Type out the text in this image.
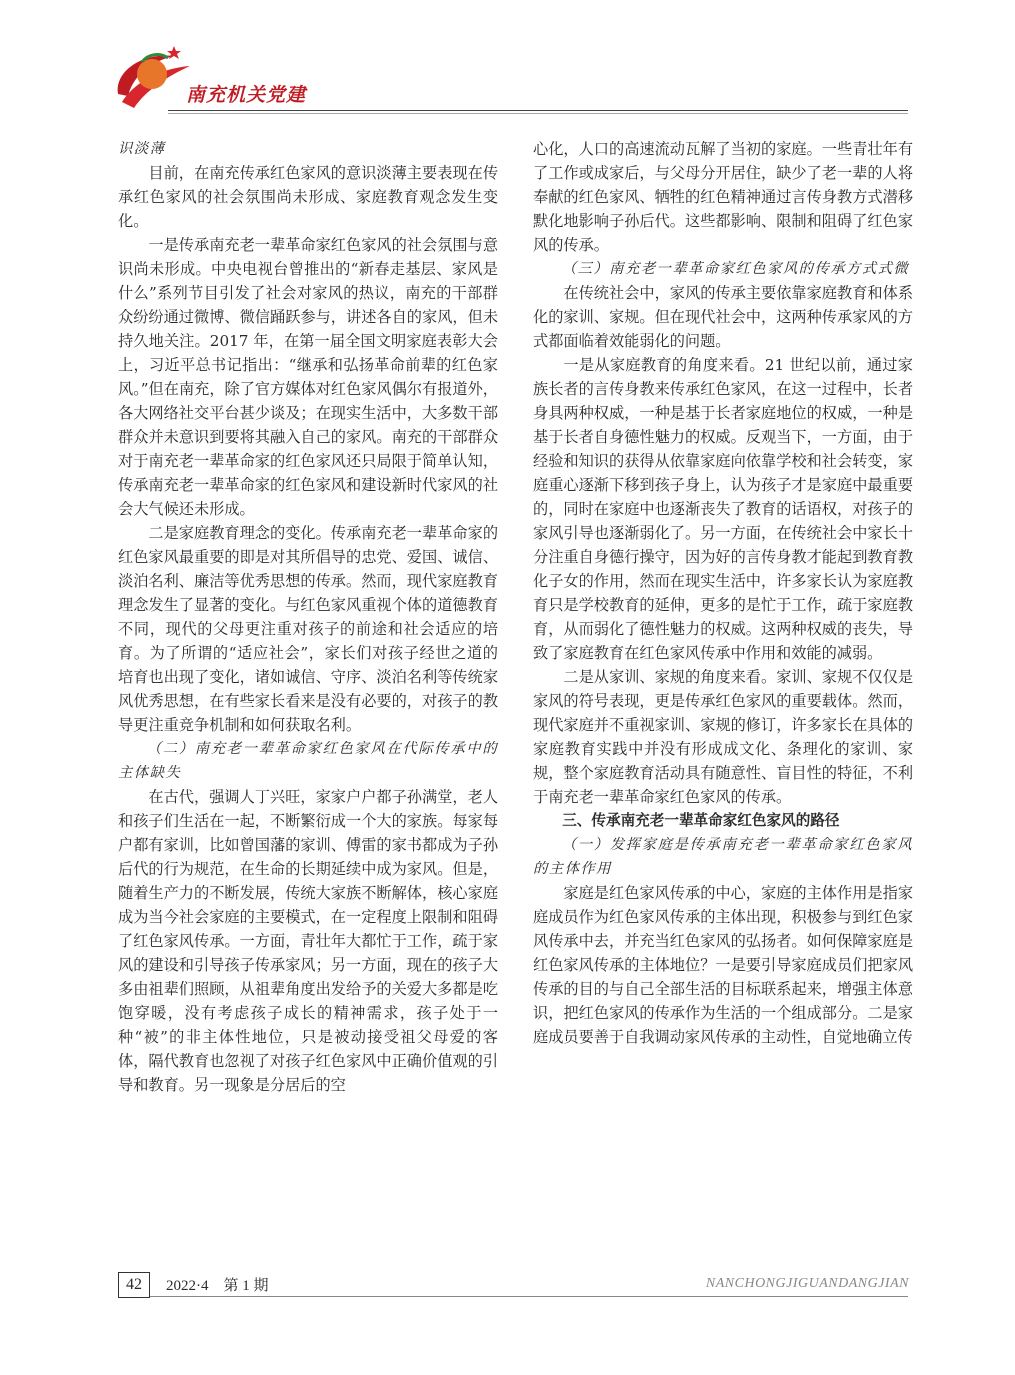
南充机关党建

识淡薄

目前，在南充传承红色家风的意识淡薄主要表现在传承红色家风的社会氛围尚未形成、家庭教育观念发生变化。

一是传承南充老一辈革命家红色家风的社会氛围与意识尚未形成。中央电视台曾推出的“新春走基层、家风是什么”系列节目引发了社会对家风的热议，南充的干部群众纷纷通过微博、微信踊跃参与，讲述各自的家风，但未持久地关注。2017 年，在第一届全国文明家庭表彰大会上，习近平总书记指出：“继承和弘扬革命前辈的红色家风。”但在南充，除了官方媒体对红色家风偶尔有报道外，各大网络社交平台甚少谈及；在现实生活中，大多数干部群众并未意识到要将其融入自己的家风。南充的干部群众对于南充老一辈革命家的红色家风还只局限于简单认知，传承南充老一辈革命家的红色家风和建设新时代家风的社会大气候还未形成。

二是家庭教育理念的变化。传承南充老一辈革命家的红色家风最重要的即是对其所倡导的忠党、爱国、诚信、淡泊名利、廉洁等优秀思想的传承。然而，现代家庭教育理念发生了显著的变化。与红色家风重视个体的道德教育不同，现代的父母更注重对孩子的前途和社会适应的培育。为了所谓的“适应社会”，家长们对孩子经世之道的培育也出现了变化，诸如诚信、守序、淡泊名利等传统家风优秀思想，在有些家长看来是没有必要的，对孩子的教导更注重竞争机制和如何获取名利。

（二）南充老一辈革命家红色家风在代际传承中的主体缺失

在古代，强调人丁兴旺，家家户户都子孙满堂，老人和孩子们生活在一起，不断繁衍成一个大的家族。每家每户都有家训，比如曾国藩的家训、傅雷的家书都成为子孙后代的行为规范，在生命的长期延续中成为家风。但是，随着生产力的不断发展，传统大家族不断解体，核心家庭成为当今社会家庭的主要模式，在一定程度上限制和阻碍了红色家风传承。一方面，青壮年大都忙于工作，疏于家风的建设和引导孩子传承家风；另一方面，现在的孩子大多由祖辈们照顾，从祖辈角度出发给予的关爱大多都是吃饱穿暖，没有考虑孩子成长的精神需求，孩子处于一种“被”的非主体性地位，只是被动接受祖父母爱的客体，隔代教育也忽视了对孩子红色家风中正确价值观的引导和教育。另一现象是分居后的空

心化，人口的高速流动瓦解了当初的家庭。一些青壮年有了工作或成家后，与父母分开居住，缺少了老一辈的人将奉献的红色家风、牺牲的红色精神通过言传身教方式潜移默化地影响子孙后代。这些都影响、限制和阻碍了红色家风的传承。

（三）南充老一辈革命家红色家风的传承方式式微

在传统社会中，家风的传承主要依靠家庭教育和体系化的家训、家规。但在现代社会中，这两种传承家风的方式都面临着效能弱化的问题。

一是从家庭教育的角度来看。21 世纪以前，通过家族长者的言传身教来传承红色家风，在这一过程中，长者身具两种权威，一种是基于长者家庭地位的权威，一种是基于长者自身德性魅力的权威。反观当下，一方面，由于经验和知识的获得从依靠家庭向依靠学校和社会转变，家庭重心逐渐下移到孩子身上，认为孩子才是家庭中最重要的，同时在家庭中也逐渐丧失了教育的话语权，对孩子的家风引导也逐渐弱化了。另一方面，在传统社会中家长十分注重自身德行操守，因为好的言传身教才能起到教育教化子女的作用，然而在现实生活中，许多家长认为家庭教育只是学校教育的延伸，更多的是忙于工作，疏于家庭教育，从而弱化了德性魅力的权威。这两种权威的丧失，导致了家庭教育在红色家风传承中作用和效能的减弱。

二是从家训、家规的角度来看。家训、家规不仅仅是家风的符号表现，更是传承红色家风的重要载体。然而，现代家庭并不重视家训、家规的修订，许多家长在具体的家庭教育实践中并没有形成成文化、条理化的家训、家规，整个家庭教育活动具有随意性、盲目性的特征，不利于南充老一辈革命家红色家风的传承。

三、传承南充老一辈革命家红色家风的路径

（一）发挥家庭是传承南充老一辈革命家红色家风的主体作用

家庭是红色家风传承的中心，家庭的主体作用是指家庭成员作为红色家风传承的主体出现，积极参与到红色家风传承中去，并充当红色家风的弘扬者。如何保障家庭是红色家风传承的主体地位？一是要引导家庭成员们把家风传承的目的与自己全部生活的目标联系起来，增强主体意识，把红色家风的传承作为生活的一个组成部分。二是家庭成员要善于自我调动家风传承的主动性，自觉地确立传

42	2022·4　第 1 期	NANCHONGJIGUANDANGJIAN
